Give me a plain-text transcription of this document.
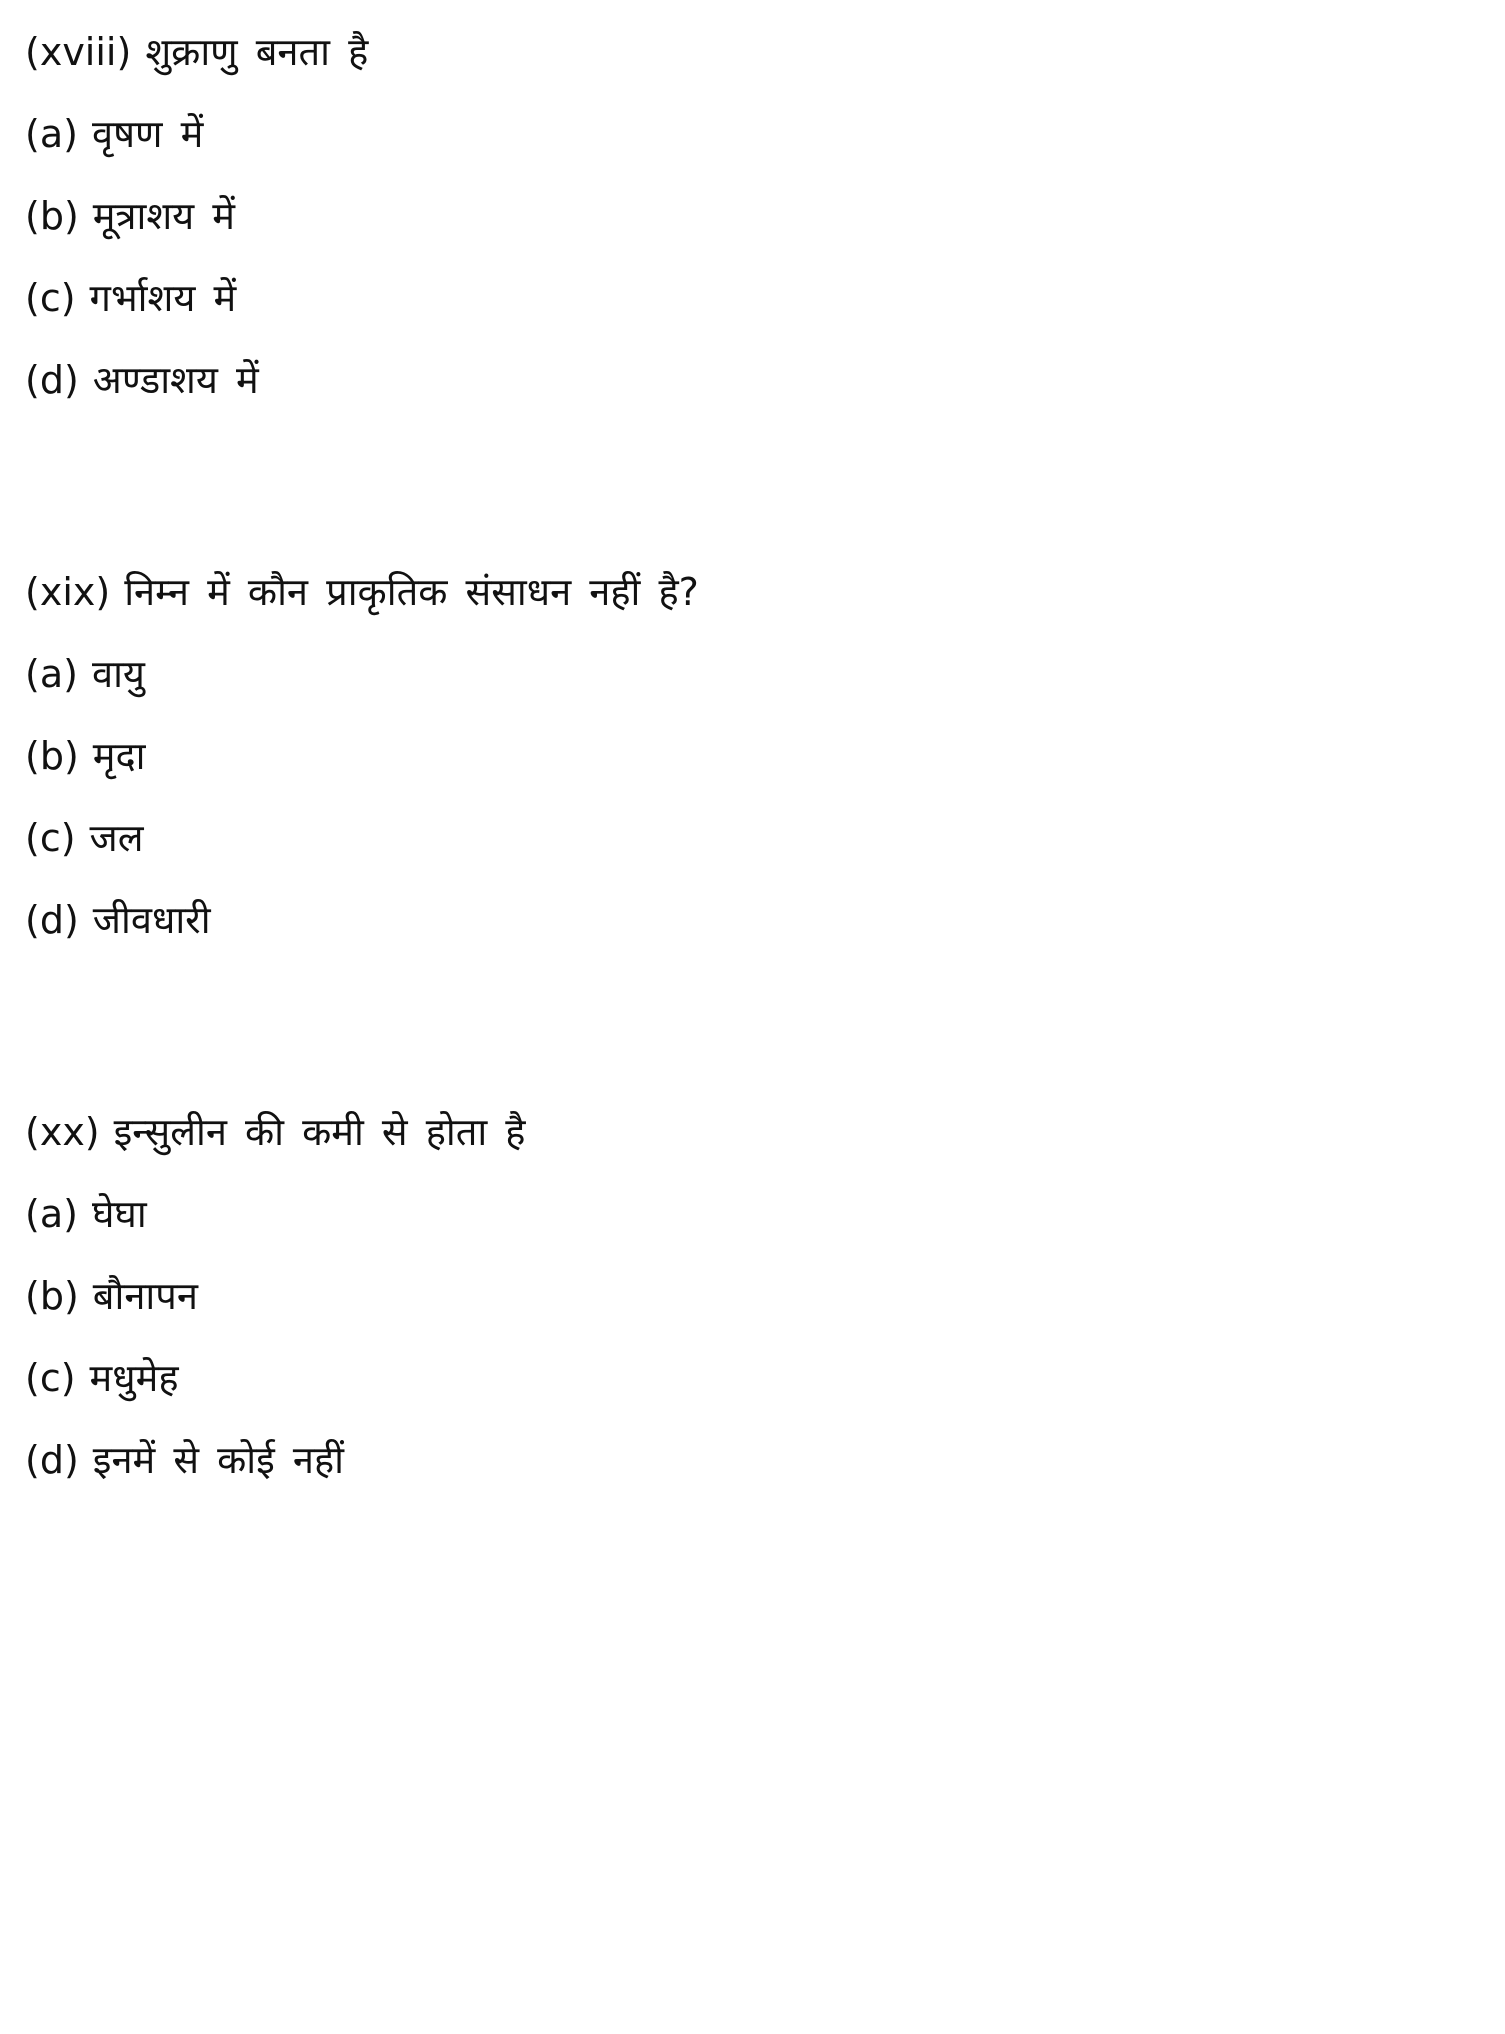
(xviii) शुक्राणु बनता है
(a) वृषण में
(b) मूत्राशय में
(c) गर्भाशय में
(d) अण्डाशय में
(xix) निम्न में कौन प्राकृतिक संसाधन नहीं है?
(a) वायु
(b) मृदा
(c) जल
(d) जीवधारी
(xx) इन्सुलीन की कमी से होता है
(a) घेघा
(b) बौनापन
(c) मधुमेह
(d) इनमें से कोई नहीं
